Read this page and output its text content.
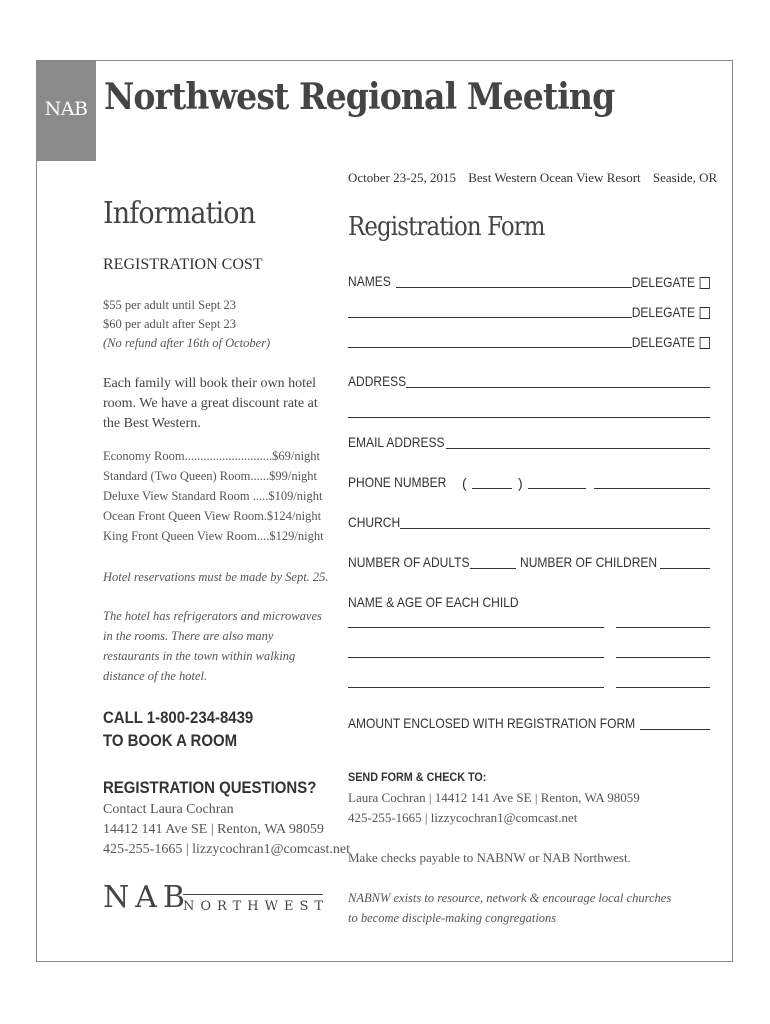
NAB Northwest Regional Meeting
October 23-25, 2015 Best Western Ocean View Resort Seaside, OR
Information
REGISTRATION COST
$55 per adult until Sept 23
$60 per adult after Sept 23
(No refund after 16th of October)
Each family will book their own hotel
room. We have a great discount rate at
the Best Western.
Economy Room............................$69/night
Standard (Two Queen) Room......$99/night
Deluxe View Standard Room .....$109/night
Ocean Front Queen View Room.$124/night
King Front Queen View Room....$129/night
Hotel reservations must be made by Sept. 25.
The hotel has refrigerators and microwaves
in the rooms. There are also many
restaurants in the town within walking
distance of the hotel.
CALL 1-800-234-8439
TO BOOK A ROOM
REGISTRATION QUESTIONS?
Contact Laura Cochran
14412 141 Ave SE | Renton, WA 98059
425-255-1665 | lizzycochran1@comcast.net
NAB
NORTHWEST
Registration Form
NAMES	DELEGATE
DELEGATE
DELEGATE
ADDRESS
EMAIL ADDRESS
PHONE NUMBER (	)
CHURCH
NUMBER OF ADULTS	NUMBER OF CHILDREN
NAME & AGE OF EACH CHILD
AMOUNT ENCLOSED WITH REGISTRATION FORM
SEND FORM & CHECK TO:
Laura Cochran | 14412 141 Ave SE | Renton, WA 98059
425-255-1665 | lizzycochran1@comcast.net
Make checks payable to NABNW or NAB Northwest.
NABNW exists to resource, network & encourage local churches
to become disciple-making congregations
